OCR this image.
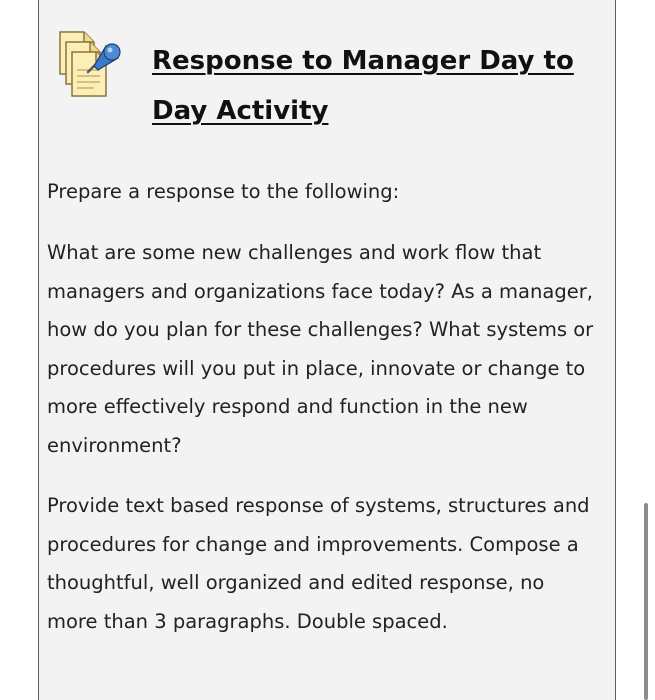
Response to Manager Day to Day Activity

Prepare a response to the following:

What are some new challenges and work flow that managers and organizations face today? As a manager, how do you plan for these challenges? What systems or procedures will you put in place, innovate or change to more effectively respond and function in the new environment?

Provide text based response of systems, structures and procedures for change and improvements. Compose a thoughtful, well organized and edited response, no more than 3 paragraphs. Double spaced.
